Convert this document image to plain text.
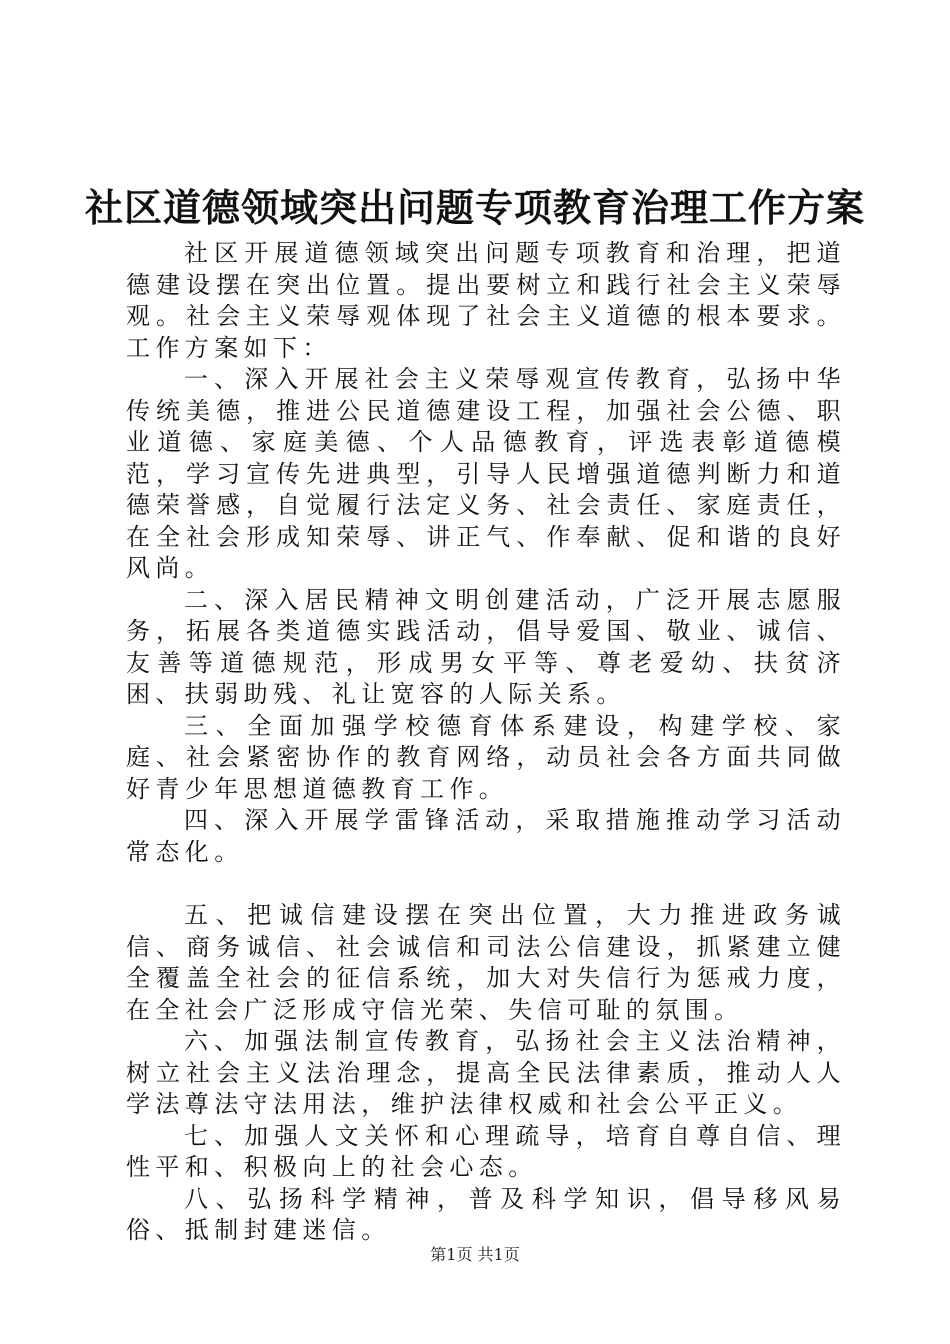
社区道德领域突出问题专项教育治理工作方案

社区开展道德领域突出问题专项教育和治理，把道德建设摆在突出位置。提出要树立和践行社会主义荣辱观。社会主义荣辱观体现了社会主义道德的根本要求。工作方案如下：

一、深入开展社会主义荣辱观宣传教育，弘扬中华传统美德，推进公民道德建设工程，加强社会公德、职业道德、家庭美德、个人品德教育，评选表彰道德模范，学习宣传先进典型，引导人民增强道德判断力和道德荣誉感，自觉履行法定义务、社会责任、家庭责任，在全社会形成知荣辱、讲正气、作奉献、促和谐的良好风尚。

二、深入居民精神文明创建活动，广泛开展志愿服务，拓展各类道德实践活动，倡导爱国、敬业、诚信、友善等道德规范，形成男女平等、尊老爱幼、扶贫济困、扶弱助残、礼让宽容的人际关系。

三、全面加强学校德育体系建设，构建学校、家庭、社会紧密协作的教育网络，动员社会各方面共同做好青少年思想道德教育工作。

四、深入开展学雷锋活动，采取措施推动学习活动常态化。

五、把诚信建设摆在突出位置，大力推进政务诚信、商务诚信、社会诚信和司法公信建设，抓紧建立健全覆盖全社会的征信系统，加大对失信行为惩戒力度，在全社会广泛形成守信光荣、失信可耻的氛围。

六、加强法制宣传教育，弘扬社会主义法治精神，树立社会主义法治理念，提高全民法律素质，推动人人学法尊法守法用法，维护法律权威和社会公平正义。

七、加强人文关怀和心理疏导，培育自尊自信、理性平和、积极向上的社会心态。

八、弘扬科学精神，普及科学知识，倡导移风易俗、抵制封建迷信。

第1页 共1页
